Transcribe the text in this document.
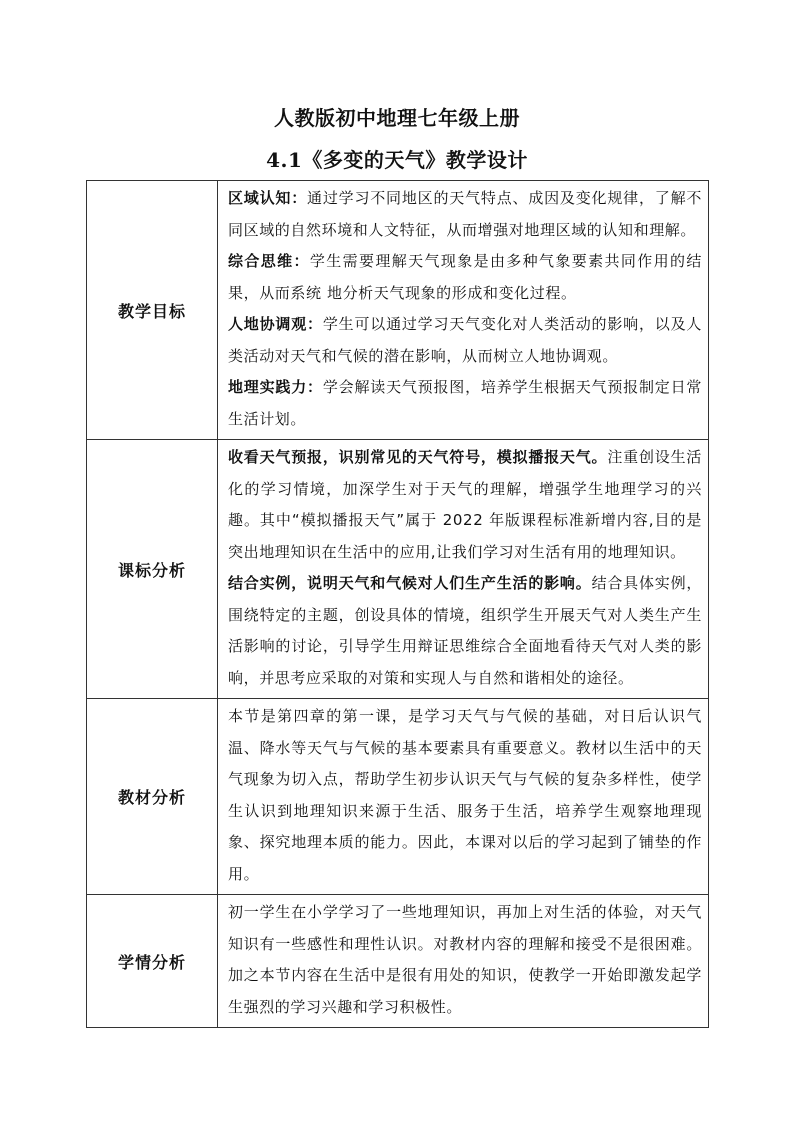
人教版初中地理七年级上册
4.1《多变的天气》教学设计
教学目标	区域认知：通过学习不同地区的天气特点、成因及变化规律，了解不同区域的自然环境和人文特征，从而增强对地理区域的认知和理解。

综合思维：学生需要理解天气现象是由多种气象要素共同作用的结果，从而系统 地分析天气现象的形成和变化过程。

人地协调观：学生可以通过学习天气变化对人类活动的影响，以及人类活动对天气和气候的潜在影响，从而树立人地协调观。

地理实践力：学会解读天气预报图，培养学生根据天气预报制定日常生活计划。

课标分析	收看天气预报，识别常见的天气符号，模拟播报天气。注重创设生活化的学习情境，加深学生对于天气的理解，增强学生地理学习的兴趣。其中“模拟播报天气”属于 2022 年版课程标准新增内容,目的是突出地理知识在生活中的应用,让我们学习对生活有用的地理知识。

结合实例，说明天气和气候对人们生产生活的影响。结合具体实例，围绕特定的主题，创设具体的情境，组织学生开展天气对人类生产生活影响的讨论，引导学生用辩证思维综合全面地看待天气对人类的影响，并思考应采取的对策和实现人与自然和谐相处的途径。

教材分析	本节是第四章的第一课，是学习天气与气候的基础，对日后认识气温、降水等天气与气候的基本要素具有重要意义。教材以生活中的天气现象为切入点，帮助学生初步认识天气与气候的复杂多样性，使学生认识到地理知识来源于生活、服务于生活，培养学生观察地理现象、探究地理本质的能力。因此，本课对以后的学习起到了铺垫的作用。

学情分析	初一学生在小学学习了一些地理知识，再加上对生活的体验，对天气知识有一些感性和理性认识。对教材内容的理解和接受不是很困难。加之本节内容在生活中是很有用处的知识，使教学一开始即激发起学生强烈的学习兴趣和学习积极性。
